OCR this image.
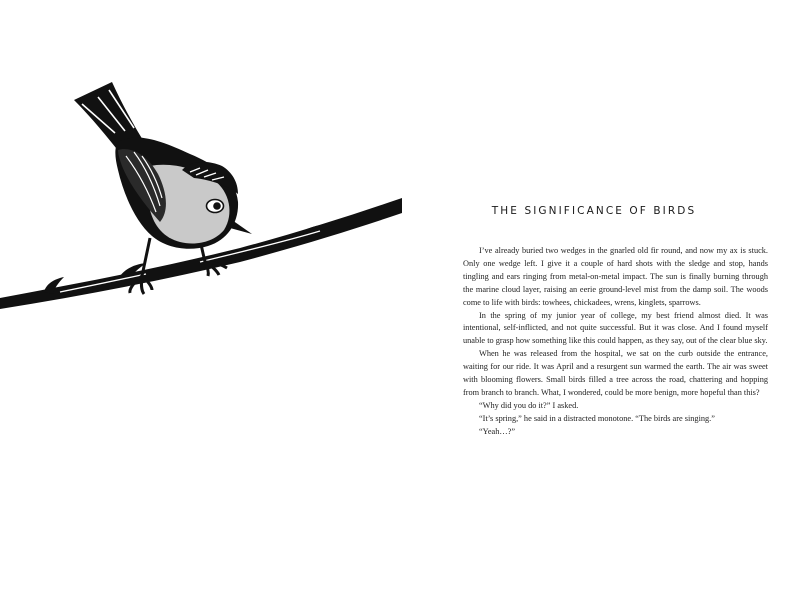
THE SIGNIFICANCE OF BIRDS

I’ve already buried two wedges in the gnarled old fir round, and now my ax is stuck. Only one wedge left. I give it a couple of hard shots with the sledge and stop, hands tingling and ears ringing from metal-on-metal impact. The sun is finally burning through the marine cloud layer, raising an eerie ground-level mist from the damp soil. The woods come to life with birds: towhees, chickadees, wrens, kinglets, sparrows.

In the spring of my junior year of college, my best friend almost died. It was intentional, self-inflicted, and not quite successful. But it was close. And I found myself unable to grasp how something like this could happen, as they say, out of the clear blue sky.

When he was released from the hospital, we sat on the curb outside the entrance, waiting for our ride. It was April and a resurgent sun warmed the earth. The air was sweet with blooming flowers. Small birds filled a tree across the road, chattering and hopping from branch to branch. What, I wondered, could be more benign, more hopeful than this?

“Why did you do it?” I asked.

“It’s spring,” he said in a distracted monotone. “The birds are singing.”

“Yeah…?”
